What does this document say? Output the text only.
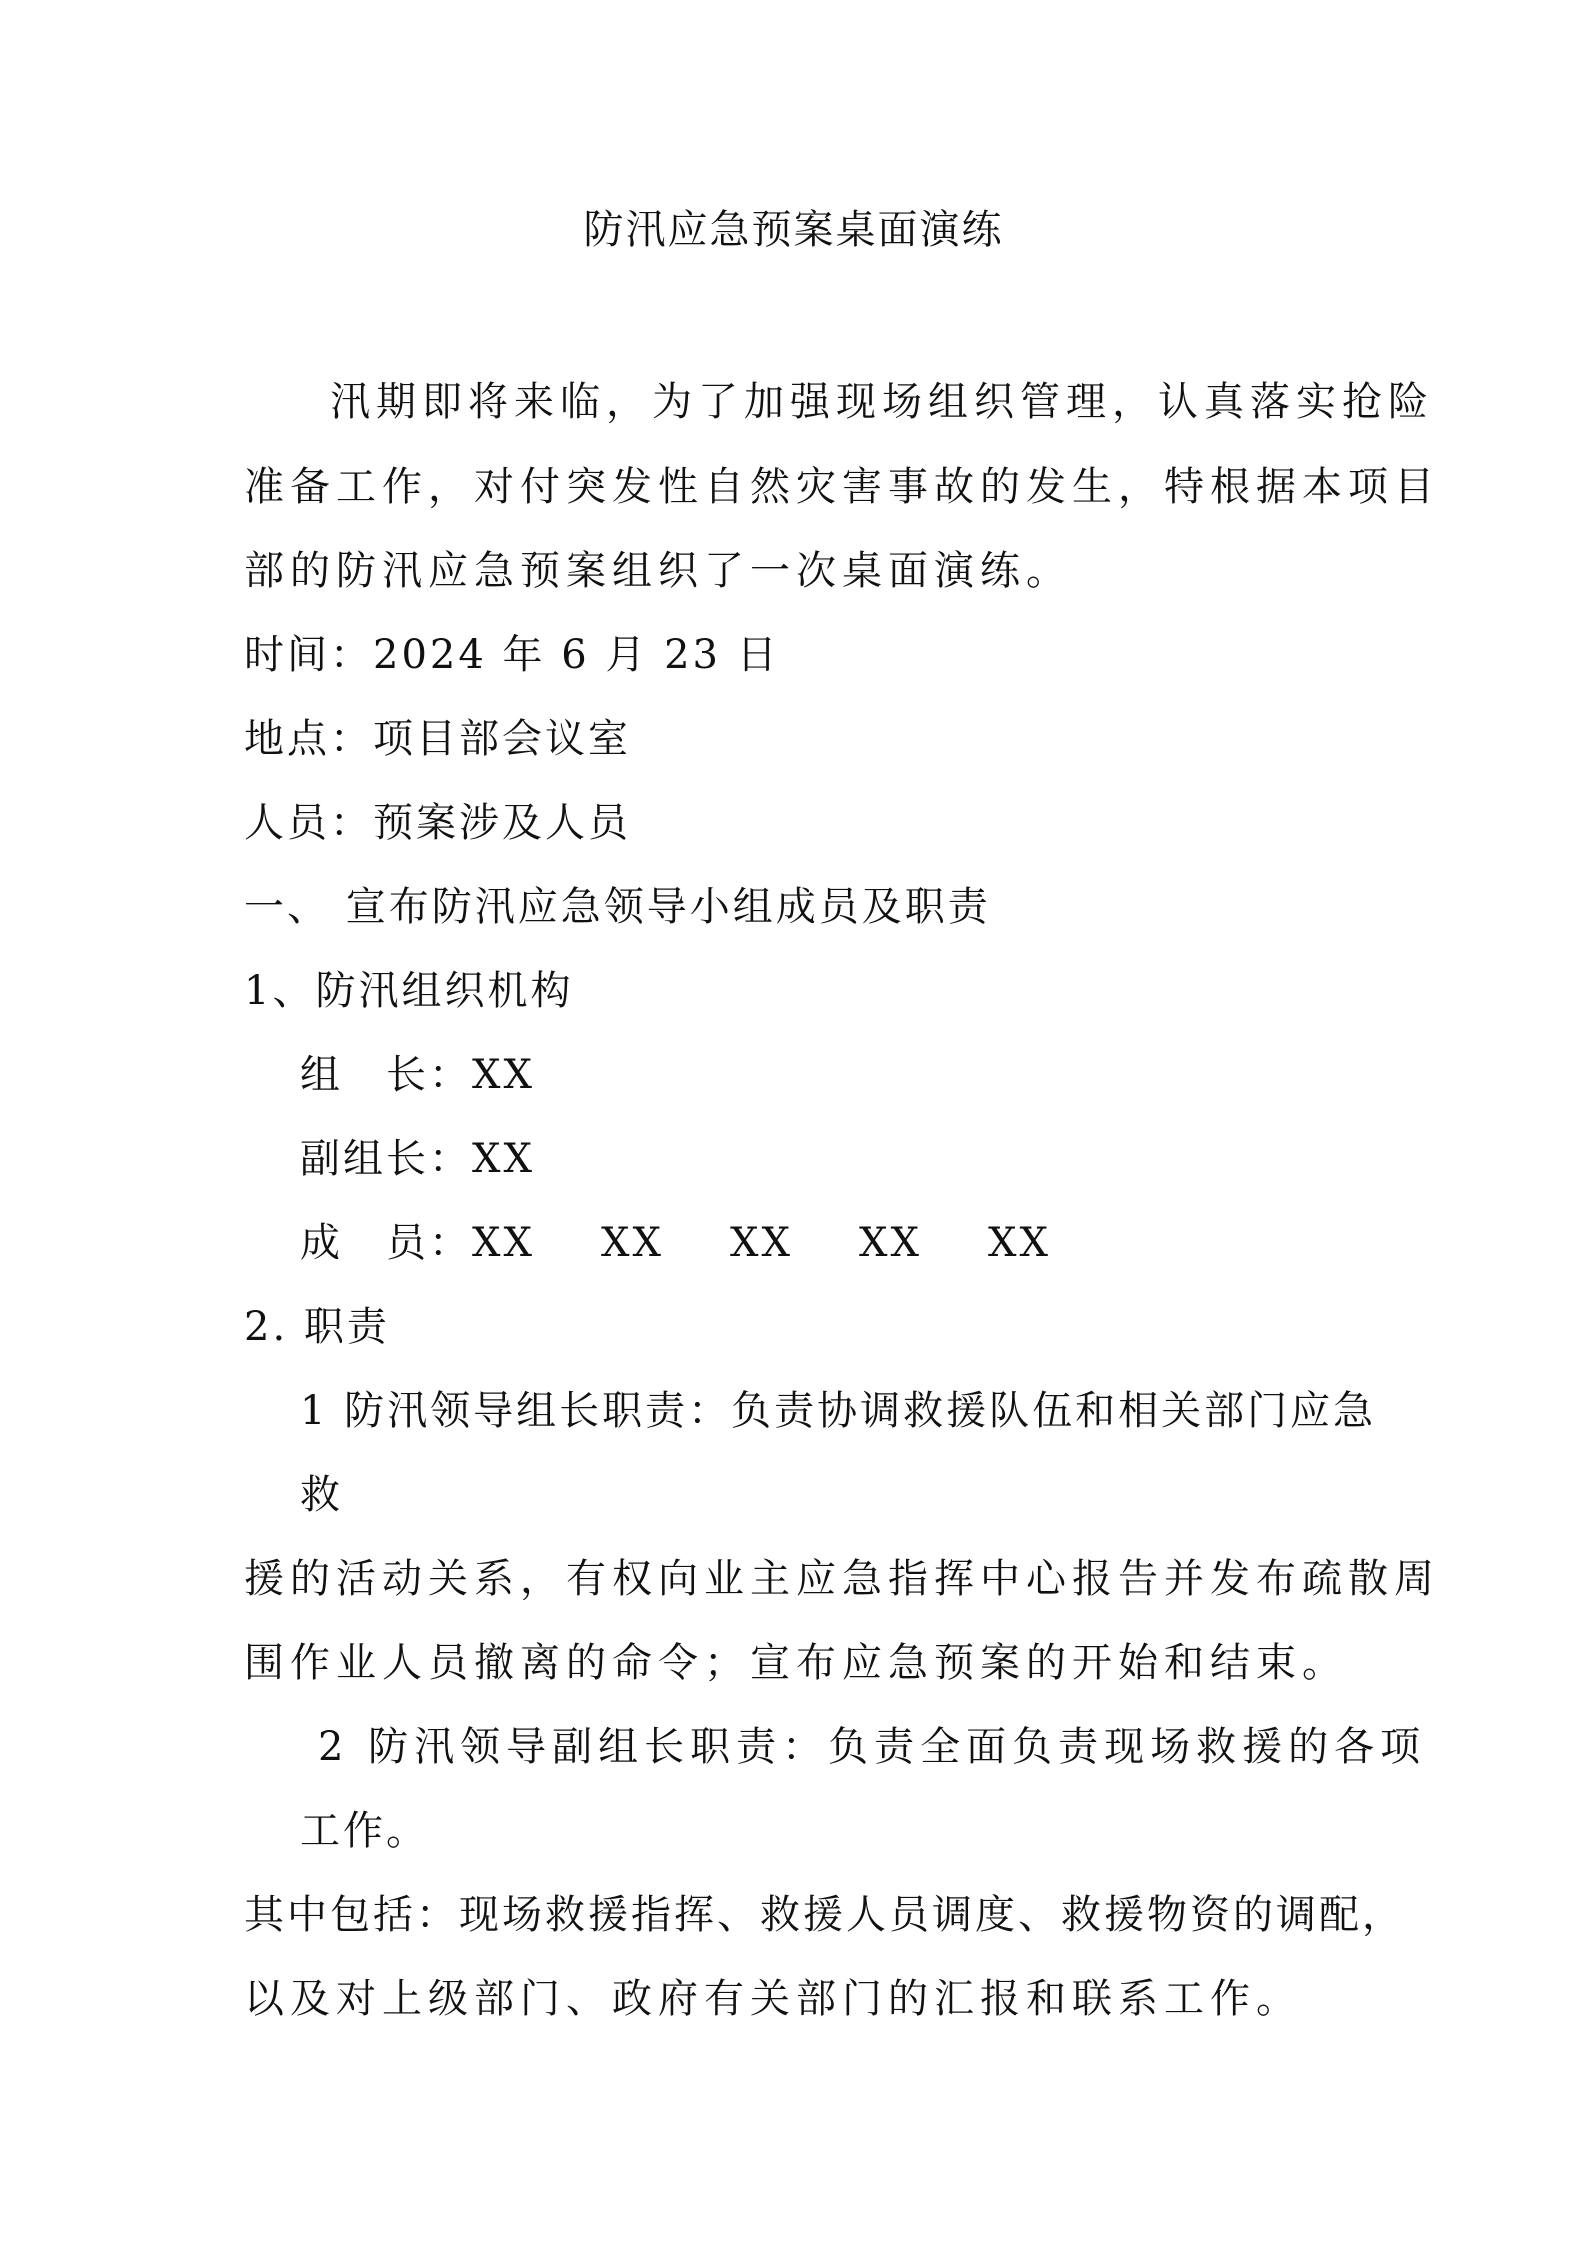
防汛应急预案桌面演练

汛期即将来临，为了加强现场组织管理，认真落实抢险

准备工作，对付突发性自然灾害事故的发生，特根据本项目

部的防汛应急预案组织了一次桌面演练。

时间：2024 年 6 月 23 日

地点：项目部会议室

人员：预案涉及人员

一、 宣布防汛应急领导小组成员及职责

1、防汛组织机构

组　长：XX

副组长：XX

成　员：XX XX XX XX XX

2. 职责

1 防汛领导组长职责：负责协调救援队伍和相关部门应急

救

援的活动关系，有权向业主应急指挥中心报告并发布疏散周

围作业人员撤离的命令；宣布应急预案的开始和结束。

2 防汛领导副组长职责：负责全面负责现场救援的各项

工作。

其中包括：现场救援指挥、救援人员调度、救援物资的调配，

以及对上级部门、政府有关部门的汇报和联系工作。
